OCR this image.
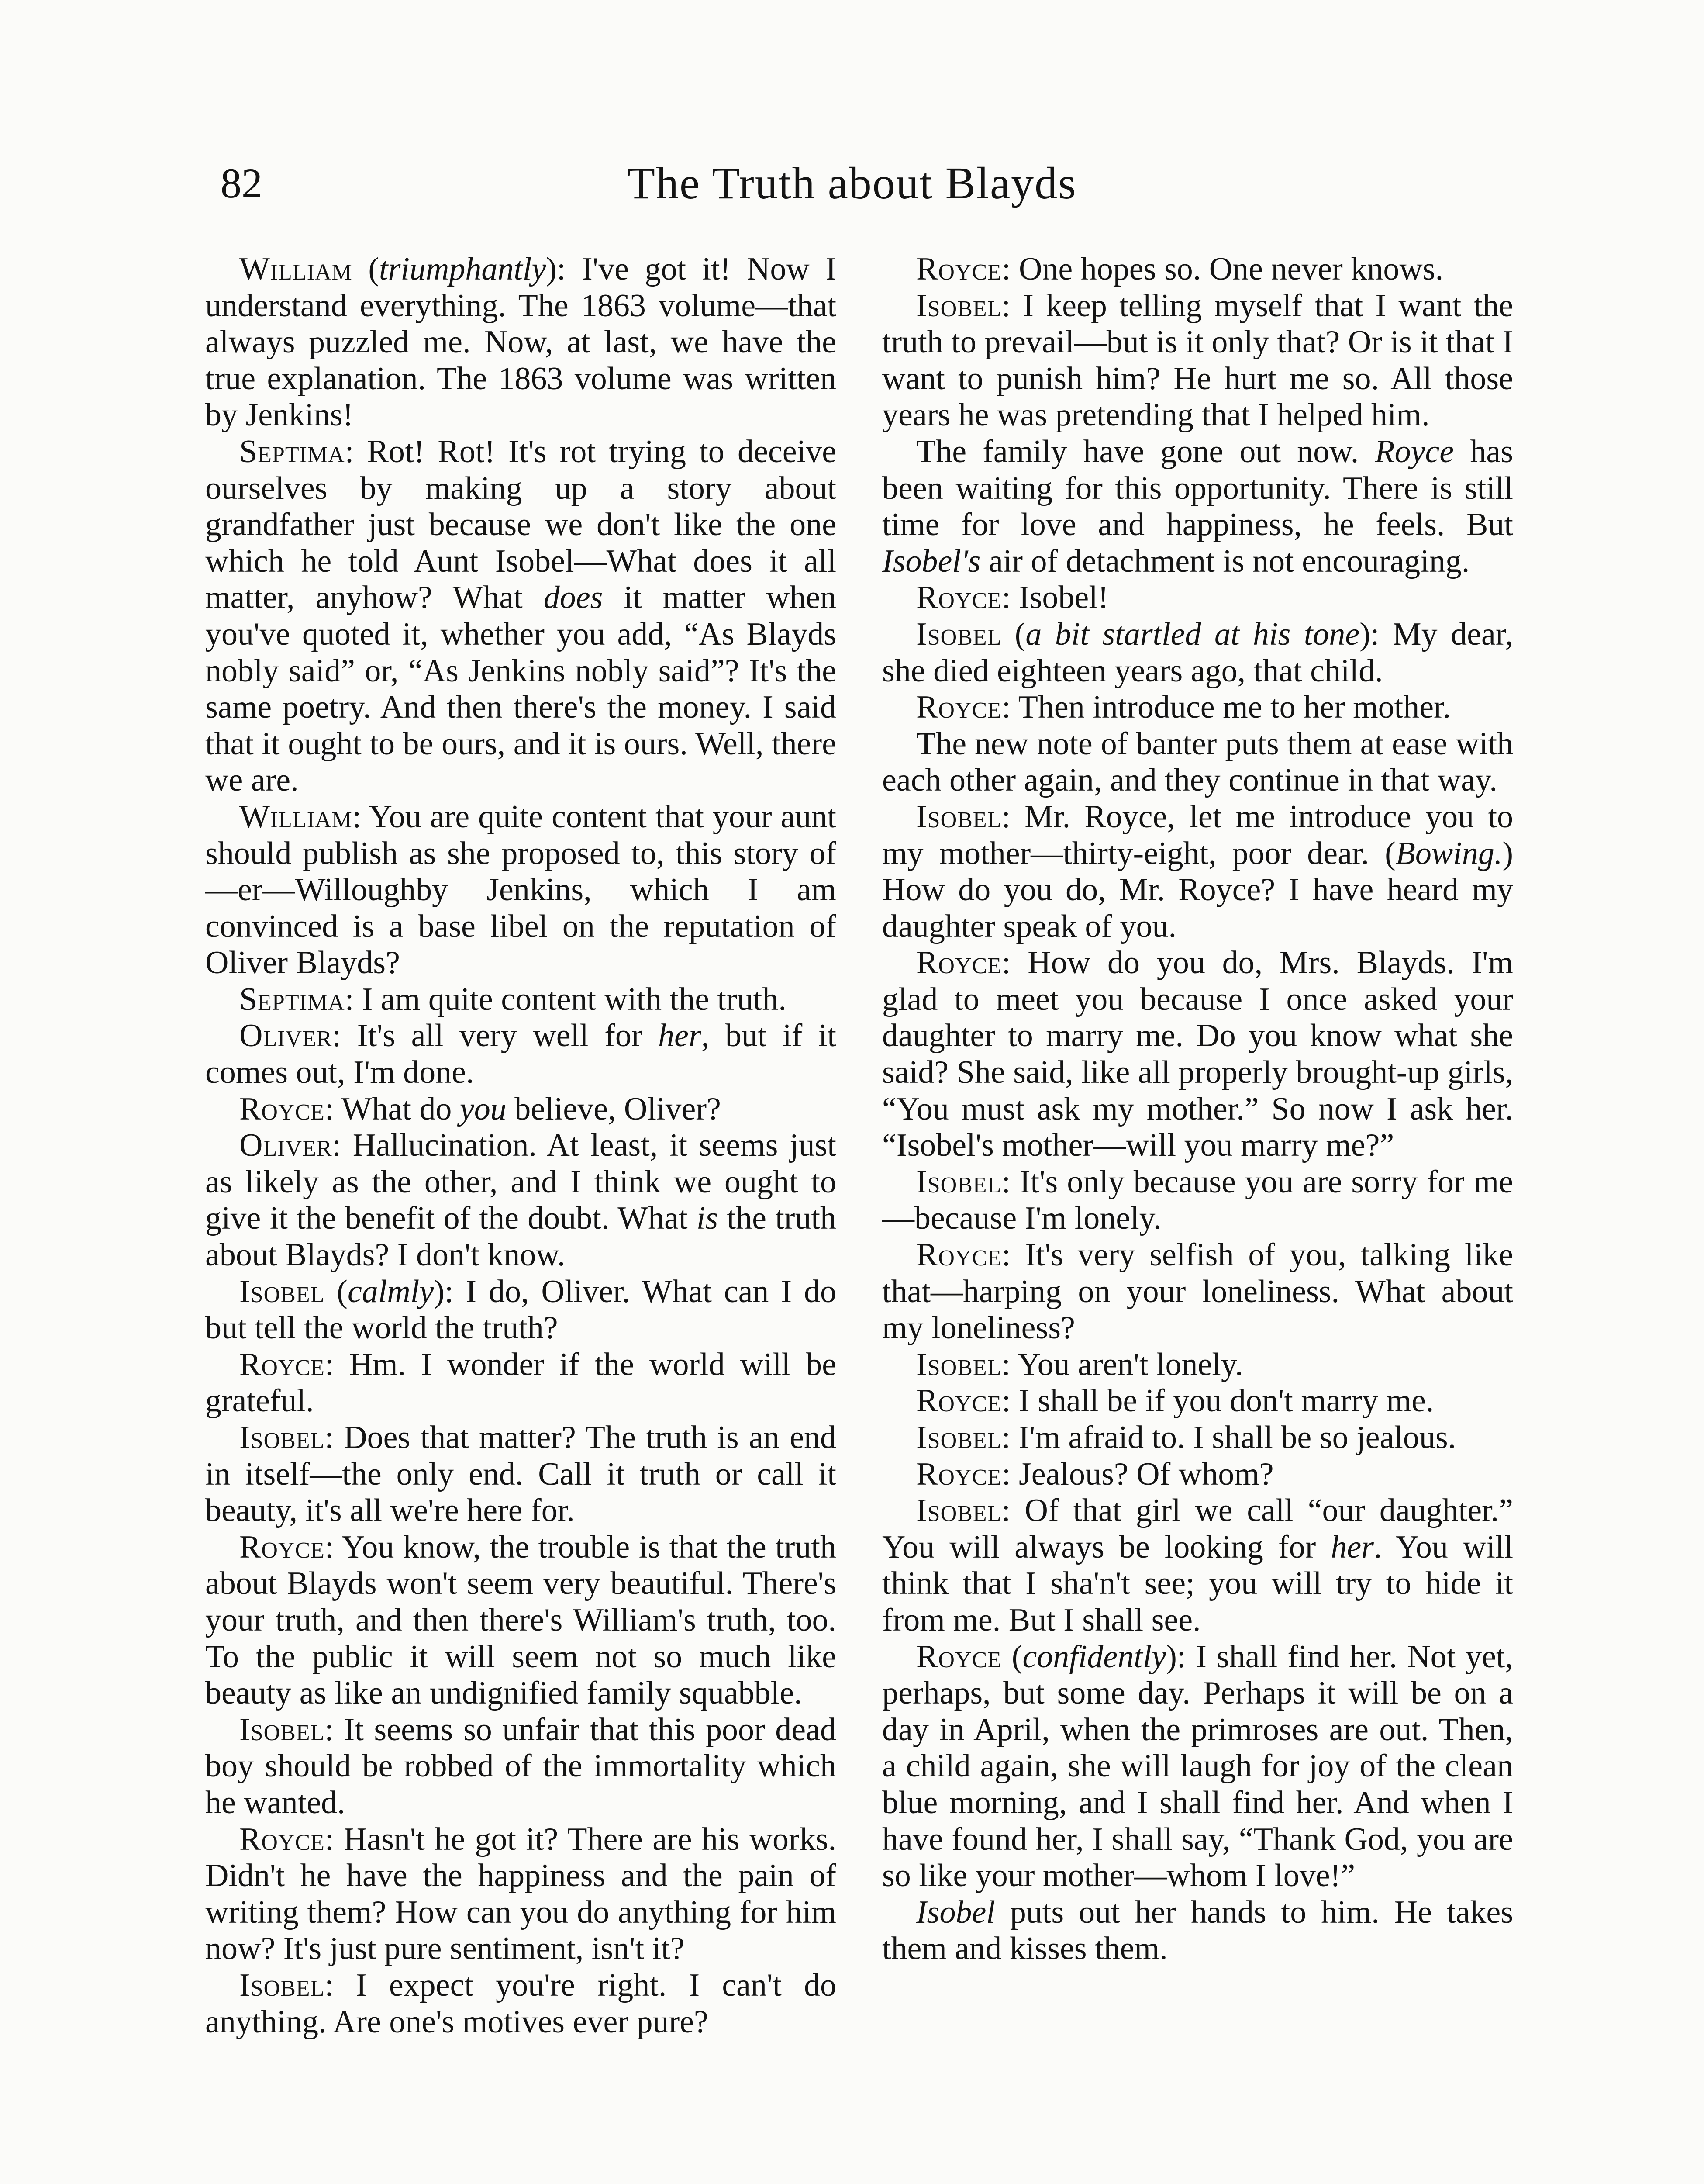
82	The Truth about Blayds

William (triumphantly): I've got it! Now I understand everything. The 1863 volume—that always puzzled me. Now, at last, we have the true explanation. The 1863 volume was written by Jenkins!

Septima: Rot! Rot! It's rot trying to deceive ourselves by making up a story about grandfather just because we don't like the one which he told Aunt Isobel—What does it all matter, anyhow? What does it matter when you've quoted it, whether you add, “As Blayds nobly said” or, “As Jenkins nobly said”? It's the same poetry. And then there's the money. I said that it ought to be ours, and it is ours. Well, there we are.

William: You are quite content that your aunt should publish as she proposed to, this story of—er—Willoughby Jenkins, which I am convinced is a base libel on the reputation of Oliver Blayds?

Septima: I am quite content with the truth.

Oliver: It's all very well for her, but if it comes out, I'm done.

Royce: What do you believe, Oliver?

Oliver: Hallucination. At least, it seems just as likely as the other, and I think we ought to give it the benefit of the doubt. What is the truth about Blayds? I don't know.

Isobel (calmly): I do, Oliver. What can I do but tell the world the truth?

Royce: Hm. I wonder if the world will be grateful.

Isobel: Does that matter? The truth is an end in itself—the only end. Call it truth or call it beauty, it's all we're here for.

Royce: You know, the trouble is that the truth about Blayds won't seem very beautiful. There's your truth, and then there's William's truth, too. To the public it will seem not so much like beauty as like an undignified family squabble.

Isobel: It seems so unfair that this poor dead boy should be robbed of the immortality which he wanted.

Royce: Hasn't he got it? There are his works. Didn't he have the happiness and the pain of writing them? How can you do anything for him now? It's just pure sentiment, isn't it?

Isobel: I expect you're right. I can't do anything. Are one's motives ever pure?

Royce: One hopes so. One never knows.

Isobel: I keep telling myself that I want the truth to prevail—but is it only that? Or is it that I want to punish him? He hurt me so. All those years he was pretending that I helped him.

The family have gone out now. Royce has been waiting for this opportunity. There is still time for love and happiness, he feels. But Isobel's air of detachment is not encouraging.

Royce: Isobel!

Isobel (a bit startled at his tone): My dear, she died eighteen years ago, that child.

Royce: Then introduce me to her mother.

The new note of banter puts them at ease with each other again, and they continue in that way.

Isobel: Mr. Royce, let me introduce you to my mother—thirty-eight, poor dear. (Bowing.) How do you do, Mr. Royce? I have heard my daughter speak of you.

Royce: How do you do, Mrs. Blayds. I'm glad to meet you because I once asked your daughter to marry me. Do you know what she said? She said, like all properly brought-up girls, “You must ask my mother.” So now I ask her. “Isobel's mother—will you marry me?”

Isobel: It's only because you are sorry for me—because I'm lonely.

Royce: It's very selfish of you, talking like that—harping on your loneliness. What about my loneliness?

Isobel: You aren't lonely.

Royce: I shall be if you don't marry me.

Isobel: I'm afraid to. I shall be so jealous.

Royce: Jealous? Of whom?

Isobel: Of that girl we call “our daughter.” You will always be looking for her. You will think that I sha'n't see; you will try to hide it from me. But I shall see.

Royce (confidently): I shall find her. Not yet, perhaps, but some day. Perhaps it will be on a day in April, when the primroses are out. Then, a child again, she will laugh for joy of the clean blue morning, and I shall find her. And when I have found her, I shall say, “Thank God, you are so like your mother—whom I love!”

Isobel puts out her hands to him. He takes them and kisses them.
